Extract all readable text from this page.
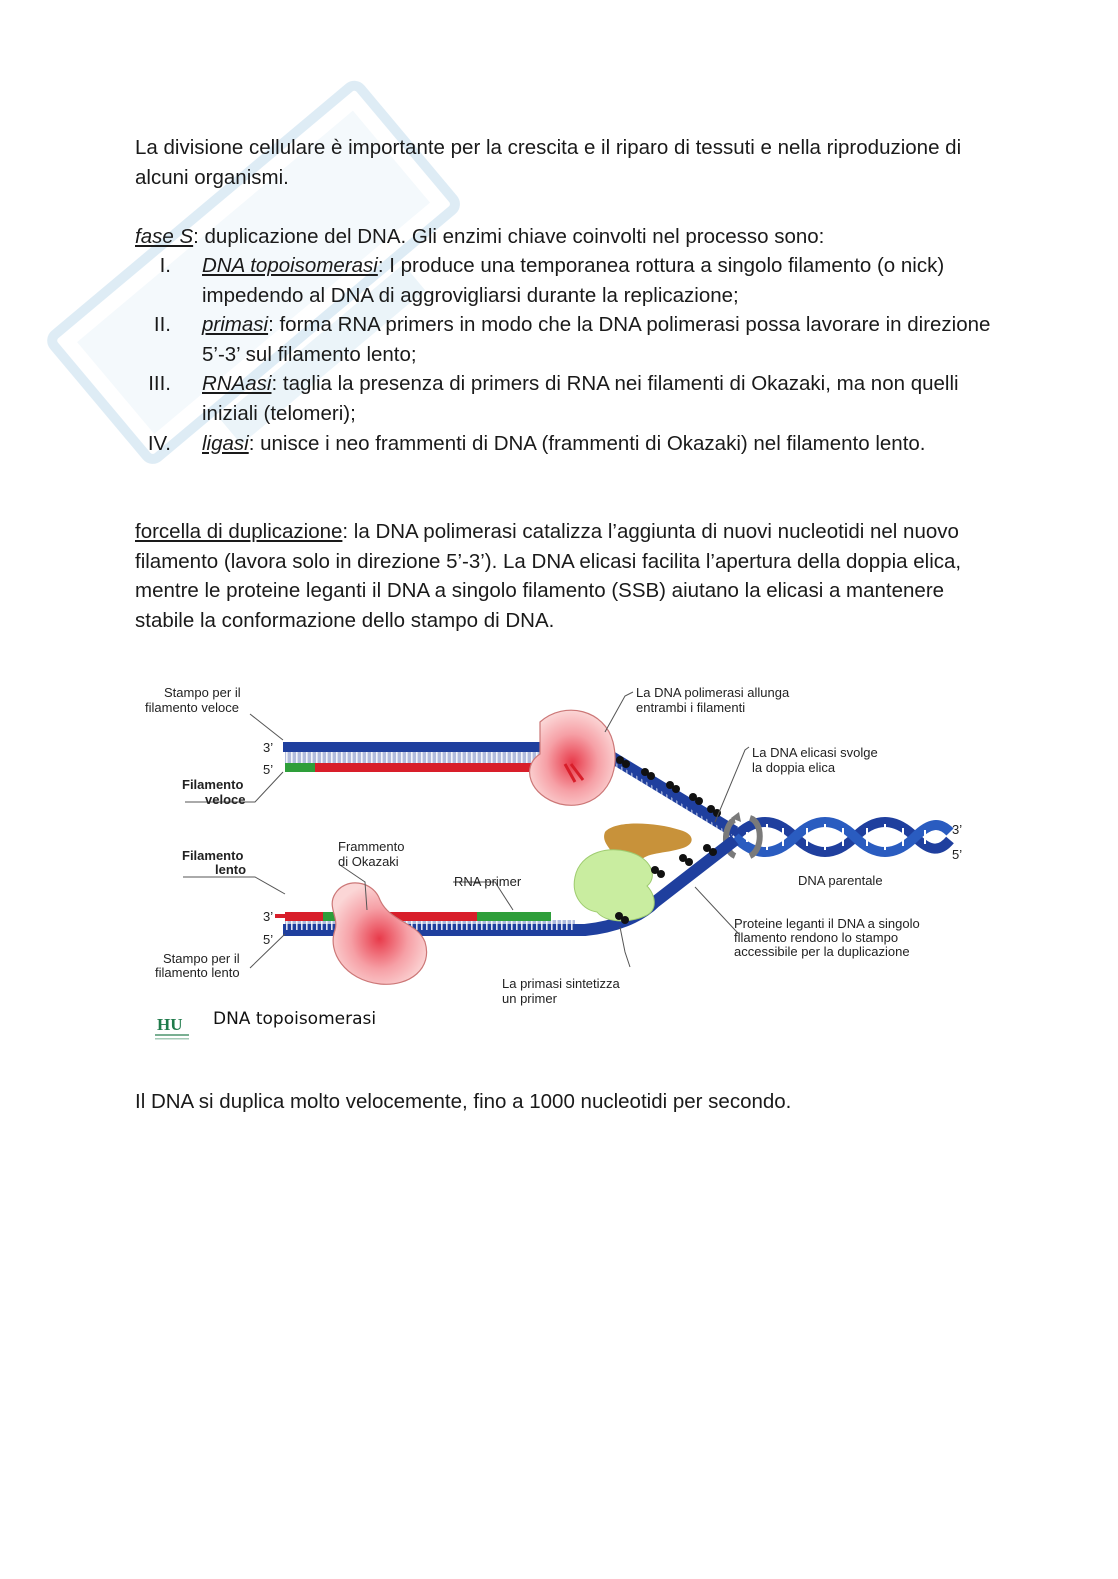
La divisione cellulare è importante per la crescita e il riparo di tessuti e nella riproduzione di alcuni organismi.

fase S: duplicazione del DNA. Gli enzimi chiave coinvolti nel processo sono:

I. DNA topoisomerasi: I produce una temporanea rottura a singolo filamento (o nick) impedendo al DNA di aggrovigliarsi durante la replicazione;
II. primasi: forma RNA primers in modo che la DNA polimerasi possa lavorare in direzione 5’-3’ sul filamento lento;
III. RNAasi: taglia la presenza di primers di RNA nei filamenti di Okazaki, ma non quelli iniziali (telomeri);
IV. ligasi: unisce i neo frammenti di DNA (frammenti di Okazaki) nel filamento lento.

forcella di duplicazione: la DNA polimerasi catalizza l’aggiunta di nuovi nucleotidi nel nuovo filamento (lavora solo in direzione 5’-3’). La DNA elicasi facilita l’apertura della doppia elica, mentre le proteine leganti il DNA a singolo filamento (SSB) aiutano la elicasi a mantenere stabile la conformazione dello stampo di DNA.

Stampo per il
filamento veloce
3’
5’
Filamento
veloce
Filamento
lento
Frammento
di Okazaki
RNA primer
3’
5’
Stampo per il
filamento lento
La DNA polimerasi allunga
entrambi i filamenti
La DNA elicasi svolge
la doppia elica
3’
5’
DNA parentale
Proteine leganti il DNA a singolo
filamento rendono lo stampo
accessibile per la duplicazione
La primasi sintetizza
un primer
HU DNA topoisomerasi

Il DNA si duplica molto velocemente, fino a 1000 nucleotidi per secondo.
